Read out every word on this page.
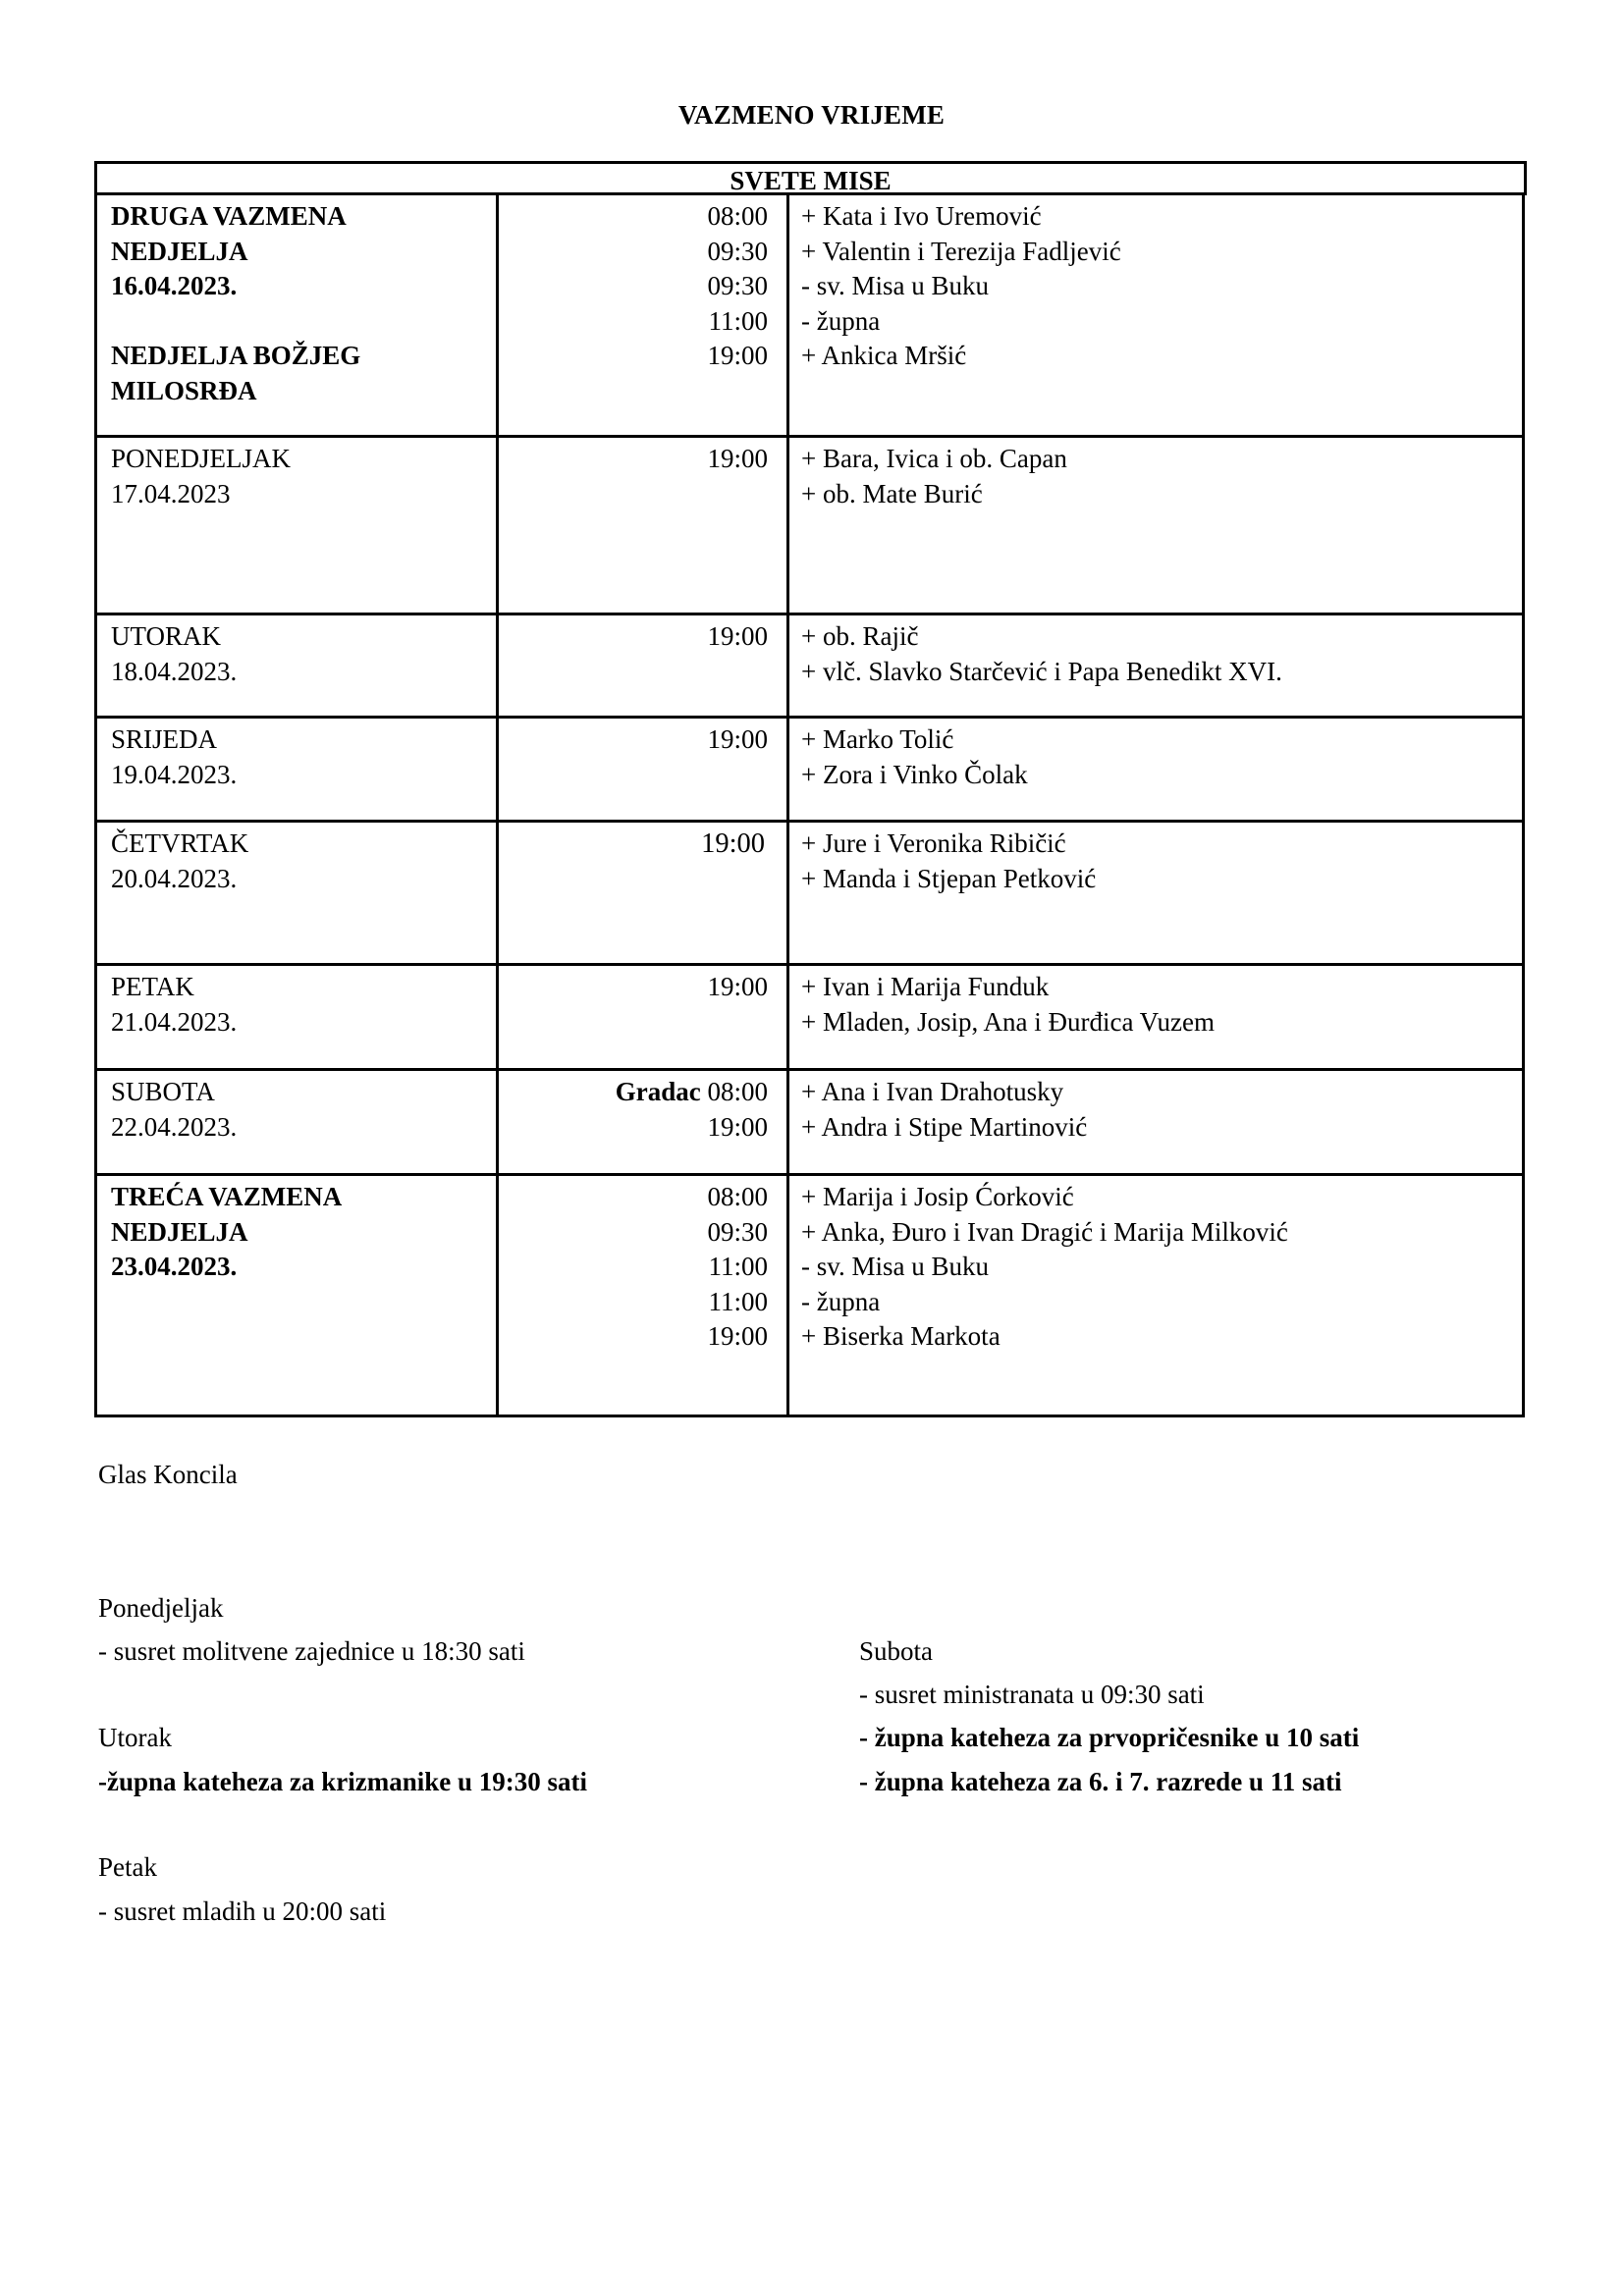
VAZMENO VRIJEME
SVETE MISE
DRUGA VAZMENA
NEDJELJA
16.04.2023.
NEDJELJA BOŽJEG
MILOSRĐA
08:00
09:30
09:30
11:00
19:00
+ Kata i Ivo Uremović
+ Valentin i Terezija Fadljević
- sv. Misa u Buku
- župna
+ Ankica Mršić
PONEDJELJAK
17.04.2023
19:00 + Bara, Ivica i ob. Capan
+ ob. Mate Burić
UTORAK
18.04.2023.
19:00 + ob. Rajič
+ vlč. Slavko Starčević i Papa Benedikt XVI.
SRIJEDA
19.04.2023.
19:00 + Marko Tolić
+ Zora i Vinko Čolak
ČETVRTAK
20.04.2023.
19:00 + Jure i Veronika Ribičić
+ Manda i Stjepan Petković
PETAK
21.04.2023.
19:00 + Ivan i Marija Funduk
+ Mladen, Josip, Ana i Đurđica Vuzem
SUBOTA
22.04.2023.
Gradac 08:00
19:00
+ Ana i Ivan Drahotusky
+ Andra i Stipe Martinović
TREĆA VAZMENA
NEDJELJA
23.04.2023.
08:00
09:30
11:00
11:00
19:00
+ Marija i Josip Ćorković
+ Anka, Đuro i Ivan Dragić i Marija Milković
- sv. Misa u Buku
- župna
+ Biserka Markota
Glas Koncila
Ponedjeljak
- susret molitvene zajednice u 18:30 sati
Utorak
-župna kateheza za krizmanike u 19:30 sati
Petak
- susret mladih u 20:00 sati
Subota
- susret ministranata u 09:30 sati
- župna kateheza za prvopričesnike u 10 sati
- župna kateheza za 6. i 7. razrede u 11 sati
